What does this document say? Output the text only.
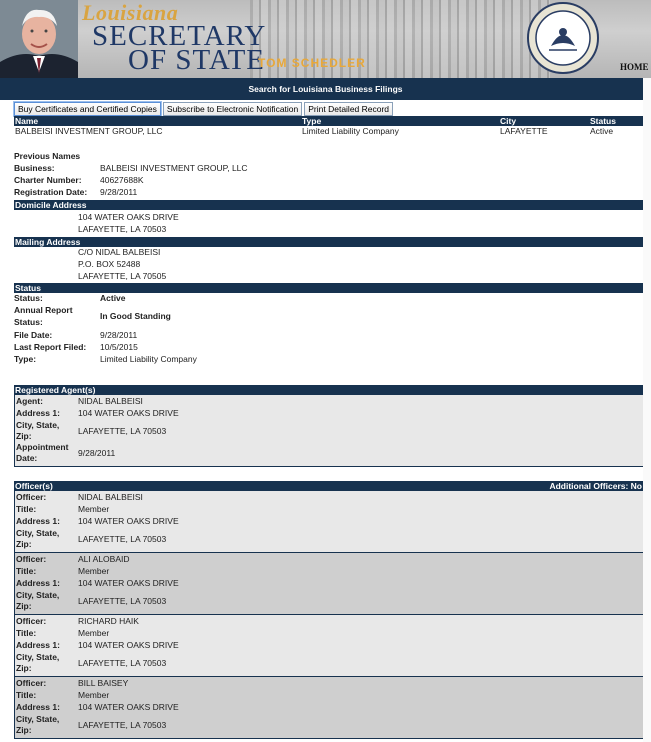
Louisiana
SECRETARY
OF STATE
TOM SCHEDLER	HOME
Search for Louisiana Business Filings
Buy Certificates and Certified Copies Subscribe to Electronic Notification Print Detailed Record
Name	Type	City	Status
BALBEISI INVESTMENT GROUP, LLC	Limited Liability Company	LAFAYETTE	Active
Previous Names
Business:	BALBEISI INVESTMENT GROUP, LLC
Charter Number:	40627688K
Registration Date:	9/28/2011
Domicile Address
104 WATER OAKS DRIVE
LAFAYETTE, LA 70503
Mailing Address
C/O NIDAL BALBEISI
P.O. BOX 52488
LAFAYETTE, LA 70505
Status
Status:	Active
Annual Report
Status:
In Good Standing
File Date:	9/28/2011
Last Report Filed:	10/5/2015
Type:	Limited Liability Company
Registered Agent(s)
Agent:	NIDAL BALBEISI
Address 1: 104 WATER OAKS DRIVE
City, State,
Zip:	LAFAYETTE, LA 70503
Appointment
Date:	9/28/2011
Officer(s)	Additional Officers: No
Officer:	NIDAL BALBEISI
Title:	Member
Address 1: 104 WATER OAKS DRIVE
City, State,
Zip:	LAFAYETTE, LA 70503
Officer:	ALI ALOBAID
Title:	Member
Address 1: 104 WATER OAKS DRIVE
City, State,
Zip:	LAFAYETTE, LA 70503
Officer:	RICHARD HAIK
Title:	Member
Address 1: 104 WATER OAKS DRIVE
City, State,
Zip:	LAFAYETTE, LA 70503
Officer:	BILL BAISEY
Title:	Member
Address 1: 104 WATER OAKS DRIVE
City, State,
Zip:	LAFAYETTE, LA 70503
